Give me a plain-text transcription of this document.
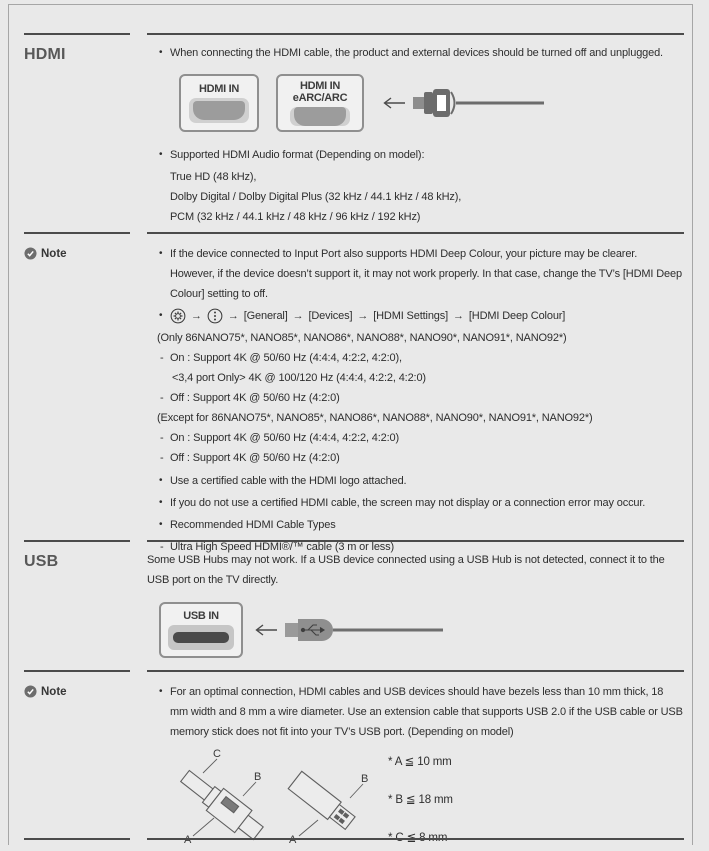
HDMI	• When connecting the HDMI cable, the product and external devices should be turned off and unplugged.
HDMI IN	HDMI IN
eARC/ARC
• Supported HDMI Audio format (Depending on model):
True HD (48 kHz),
Dolby Digital / Dolby Digital Plus (32 kHz / 44.1 kHz / 48 kHz),
PCM (32 kHz / 44.1 kHz / 48 kHz / 96 kHz / 192 kHz)
Note	• If the device connected to Input Port also supports HDMI Deep Colour, your picture may be clearer. However, if the device doesn’t support it, it may not work properly. In that case, change the TV’s [HDMI Deep Colour] setting to off.
•	→ → [General] → [Devices] → [HDMI Settings] → [HDMI Deep Colour]
(Only 86NANO75*, NANO85*, NANO86*, NANO88*, NANO90*, NANO91*, NANO92*)
- On : Support 4K @ 50/60 Hz (4:4:4, 4:2:2, 4:2:0),
<3,4 port Only> 4K @ 100/120 Hz (4:4:4, 4:2:2, 4:2:0)
- Off : Support 4K @ 50/60 Hz (4:2:0)
(Except for 86NANO75*, NANO85*, NANO86*, NANO88*, NANO90*, NANO91*, NANO92*)
- On : Support 4K @ 50/60 Hz (4:4:4, 4:2:2, 4:2:0)
- Off : Support 4K @ 50/60 Hz (4:2:0)
• Use a certified cable with the HDMI logo attached.
• If you do not use a certified HDMI cable, the screen may not display or a connection error may occur.
• Recommended HDMI Cable Types
- Ultra High Speed HDMI®/™ cable (3 m or less)
USB	Some USB Hubs may not work. If a USB device connected using a USB Hub is not detected, connect it to the USB port on the TV directly.
USB IN
Note	• For an optimal connection, HDMI cables and USB devices should have bezels less than 10 mm thick, 18 mm width and 8 mm a wire diameter. Use an extension cable that supports USB 2.0 if the USB cable or USB memory stick does not fit into your TV’s USB port. (Depending on model)
C
B
A
B
A
* A ≦ 10 mm
* B ≦ 18 mm
* C ≦ 8 mm
